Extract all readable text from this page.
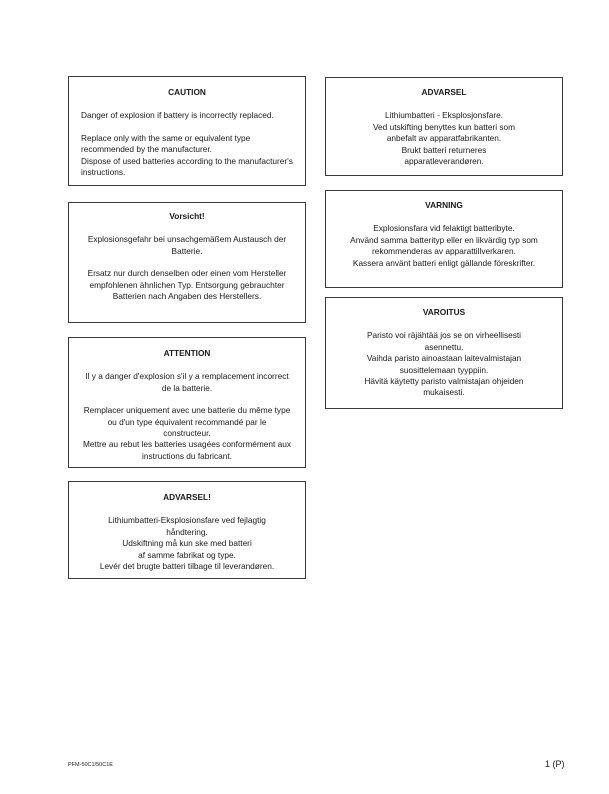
CAUTION

Danger of explosion if battery is incorrectly replaced.

Replace only with the same or equivalent type recommended by the manufacturer.

Dispose of used batteries according to the manufacturer's instructions.

Vorsicht!

Explosionsgefahr bei unsachgemäßem Austausch der Batterie.

Ersatz nur durch denselben oder einen vom Hersteller empfohlenen ähnlichen Typ. Entsorgung gebrauchter Batterien nach Angaben des Herstellers.

ATTENTION

Il y a danger d'explosion s'il y a remplacement incorrect de la batterie.

Remplacer uniquement avec une batterie du même type ou d'un type équivalent recommandé par le constructeur.

Mettre au rebut les batteries usagées conformément aux instructions du fabricant.

ADVARSEL!

Lithiumbatteri-Eksplosionsfare ved fejlagtig håndtering.

Udskiftning må kun ske med batteri

af samme fabrikat og type.

Levér det brugte batteri tilbage til leverandøren.

ADVARSEL

Lithiumbatteri - Eksplosjonsfare.

Ved utskifting benyttes kun batteri som anbefalt av apparatfabrikanten.

Brukt batteri returneres apparatleverandøren.

VARNING

Explosionsfara vid felaktigt batteribyte.

Använd samma batterityp eller en likvärdig typ som rekommenderas av apparattillverkaren.

Kassera använt batteri enligt gällande föreskrifter.

VAROITUS

Paristo voi räjähtää jos se on virheellisesti asennettu.

Vaihda paristo ainoastaan laitevalmistajan suosittelemaan tyyppiin.

Hävitä käytetty paristo valmistajan ohjeiden mukaisesti.

PFM-50C1/50C1E	1 (P)
